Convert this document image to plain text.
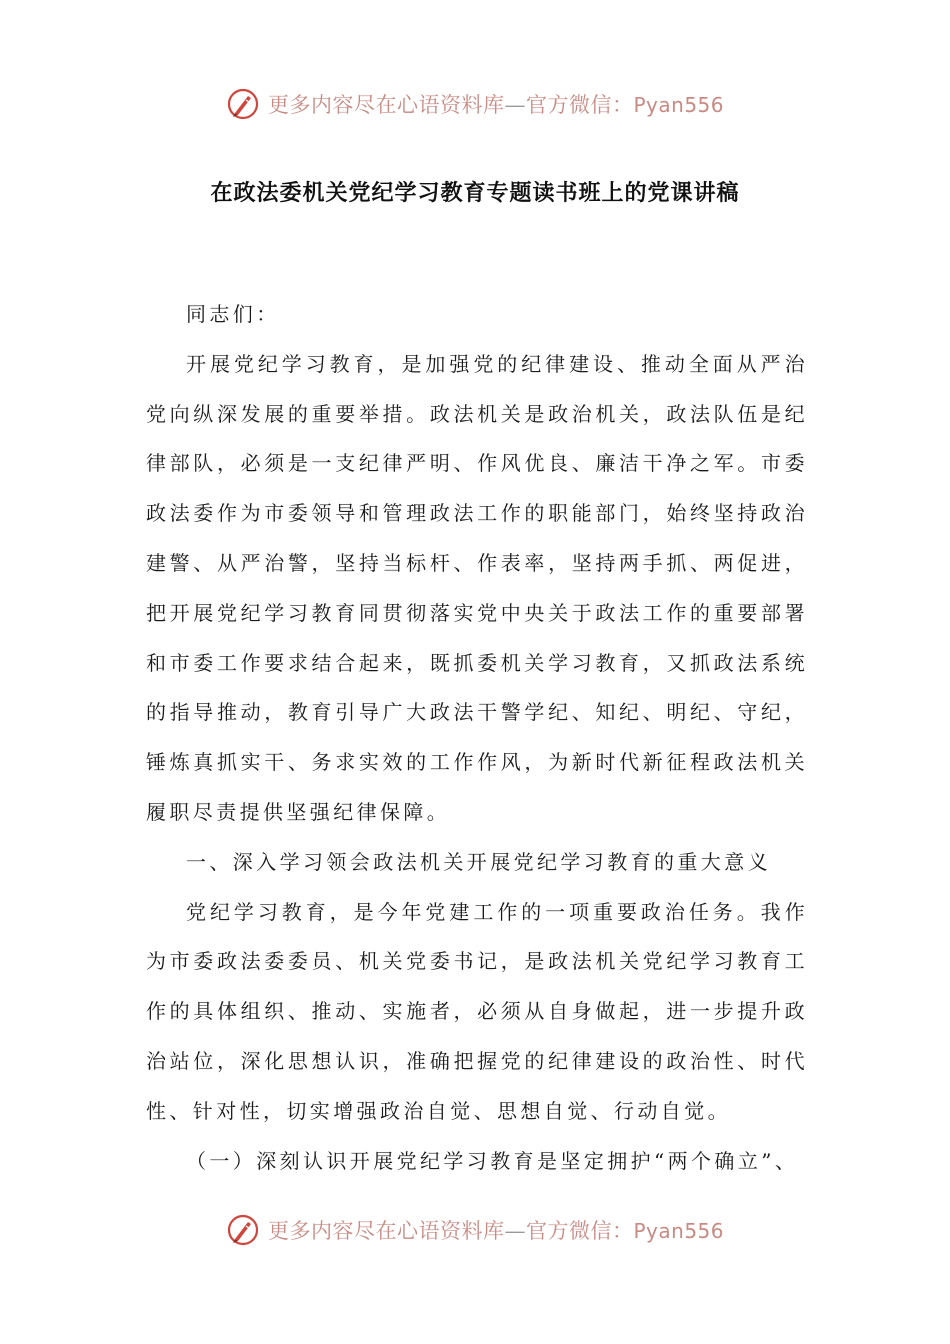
更多内容尽在心语资料库—官方微信：Pyan556
在政法委机关党纪学习教育专题读书班上的党课讲稿

同志们：

开展党纪学习教育，是加强党的纪律建设、推动全面从严治党向纵深发展的重要举措。政法机关是政治机关，政法队伍是纪律部队，必须是一支纪律严明、作风优良、廉洁干净之军。市委政法委作为市委领导和管理政法工作的职能部门，始终坚持政治建警、从严治警，坚持当标杆、作表率，坚持两手抓、两促进，把开展党纪学习教育同贯彻落实党中央关于政法工作的重要部署和市委工作要求结合起来，既抓委机关学习教育，又抓政法系统的指导推动，教育引导广大政法干警学纪、知纪、明纪、守纪，锤炼真抓实干、务求实效的工作作风，为新时代新征程政法机关履职尽责提供坚强纪律保障。

一、深入学习领会政法机关开展党纪学习教育的重大意义

党纪学习教育，是今年党建工作的一项重要政治任务。我作为市委政法委委员、机关党委书记，是政法机关党纪学习教育工作的具体组织、推动、实施者，必须从自身做起，进一步提升政治站位，深化思想认识，准确把握党的纪律建设的政治性、时代性、针对性，切实增强政治自觉、思想自觉、行动自觉。

（一）深刻认识开展党纪学习教育是坚定拥护“两个确立”、

更多内容尽在心语资料库—官方微信：Pyan556
